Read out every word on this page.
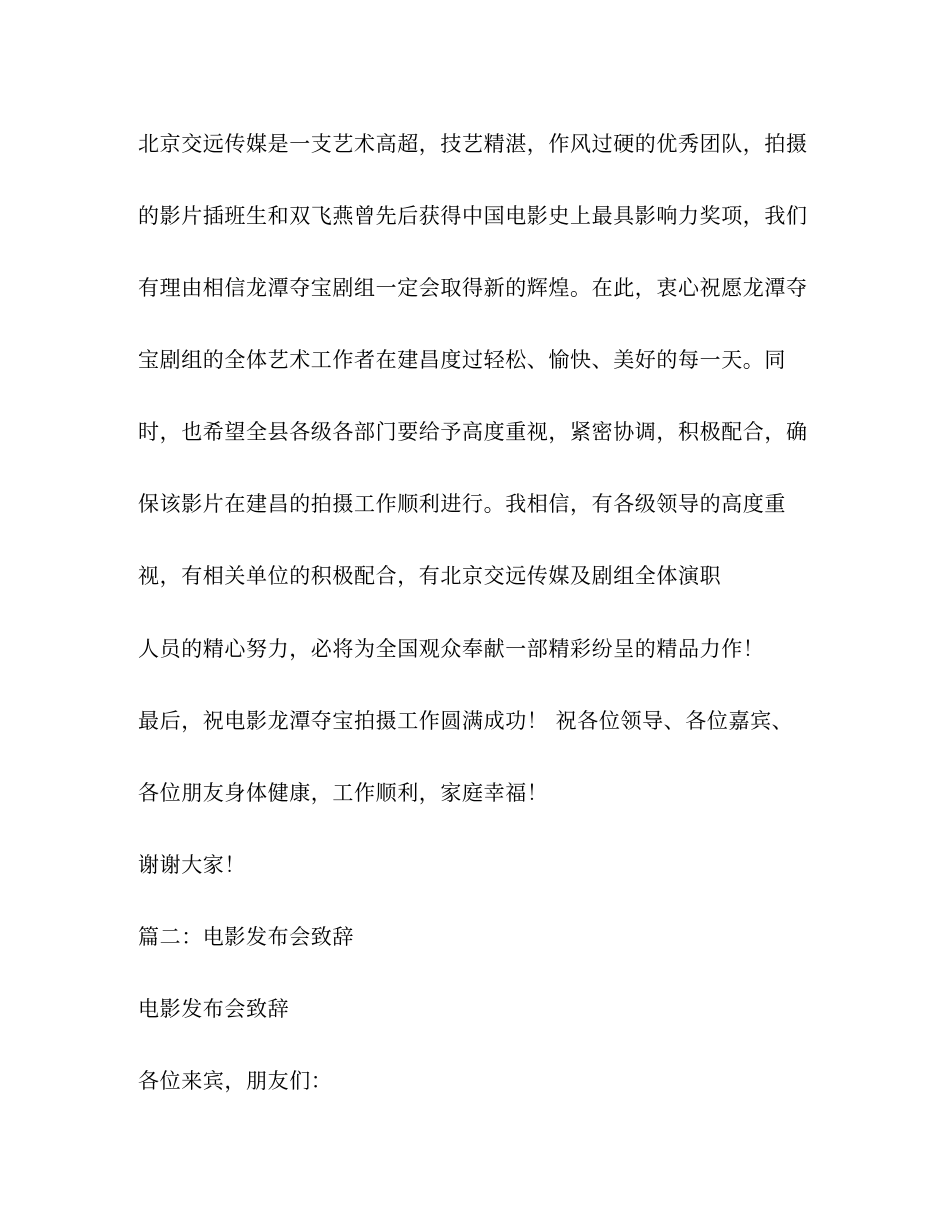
北京交远传媒是一支艺术高超，技艺精湛，作风过硬的优秀团队，拍摄
的影片插班生和双飞燕曾先后获得中国电影史上最具影响力奖项，我们
有理由相信龙潭夺宝剧组一定会取得新的辉煌。在此，衷心祝愿龙潭夺
宝剧组的全体艺术工作者在建昌度过轻松、愉快、美好的每一天。同
时，也希望全县各级各部门要给予高度重视，紧密协调，积极配合，确
保该影片在建昌的拍摄工作顺利进行。我相信，有各级领导的高度重
视，有相关单位的积极配合，有北京交远传媒及剧组全体演职
人员的精心努力，必将为全国观众奉献一部精彩纷呈的精品力作！
最后，祝电影龙潭夺宝拍摄工作圆满成功！ 祝各位领导、各位嘉宾、
各位朋友身体健康，工作顺利，家庭幸福！
谢谢大家！
篇二：电影发布会致辞
电影发布会致辞
各位来宾，朋友们：
